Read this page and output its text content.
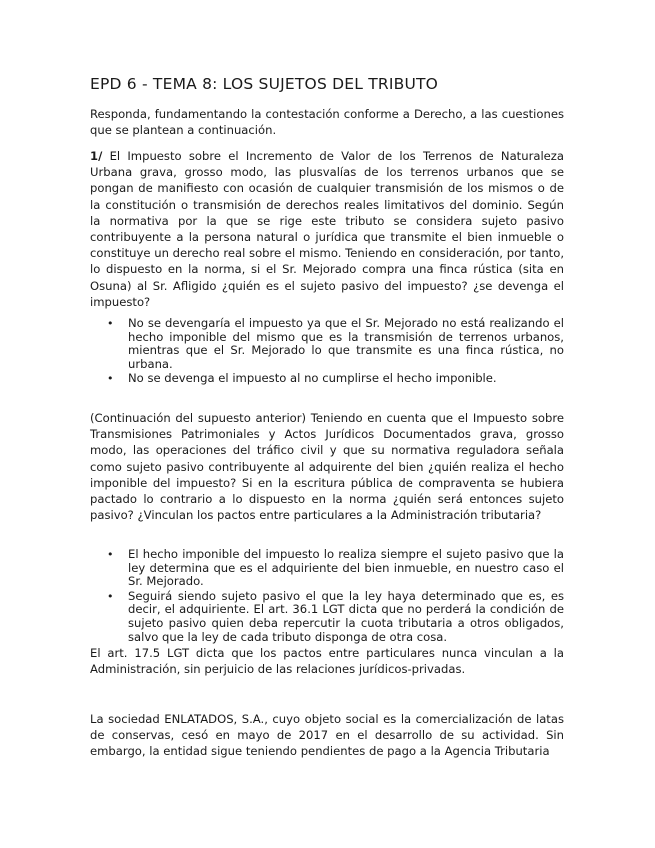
EPD 6 - TEMA 8: LOS SUJETOS DEL TRIBUTO

Responda, fundamentando la contestación conforme a Derecho, a las cuestiones que se plantean a continuación.

1/ El Impuesto sobre el Incremento de Valor de los Terrenos de Naturaleza Urbana grava, grosso modo, las plusvalías de los terrenos urbanos que se pongan de manifiesto con ocasión de cualquier transmisión de los mismos o de la constitución o transmisión de derechos reales limitativos del dominio. Según la normativa por la que se rige este tributo se considera sujeto pasivo contribuyente a la persona natural o jurídica que transmite el bien inmueble o constituye un derecho real sobre el mismo. Teniendo en consideración, por tanto, lo dispuesto en la norma, si el Sr. Mejorado compra una finca rústica (sita en Osuna) al Sr. Afligido ¿quién es el sujeto pasivo del impuesto? ¿se devenga el impuesto?

• No se devengaría el impuesto ya que el Sr. Mejorado no está realizando el hecho imponible del mismo que es la transmisión de terrenos urbanos, mientras que el Sr. Mejorado lo que transmite es una finca rústica, no urbana.
• No se devenga el impuesto al no cumplirse el hecho imponible.

(Continuación del supuesto anterior) Teniendo en cuenta que el Impuesto sobre Transmisiones Patrimoniales y Actos Jurídicos Documentados grava, grosso modo, las operaciones del tráfico civil y que su normativa reguladora señala como sujeto pasivo contribuyente al adquirente del bien ¿quién realiza el hecho imponible del impuesto? Si en la escritura pública de compraventa se hubiera pactado lo contrario a lo dispuesto en la norma ¿quién será entonces sujeto pasivo? ¿Vinculan los pactos entre particulares a la Administración tributaria?

• El hecho imponible del impuesto lo realiza siempre el sujeto pasivo que la ley determina que es el adquiriente del bien inmueble, en nuestro caso el Sr. Mejorado.
• Seguirá siendo sujeto pasivo el que la ley haya determinado que es, es decir, el adquiriente. El art. 36.1 LGT dicta que no perderá la condición de sujeto pasivo quien deba repercutir la cuota tributaria a otros obligados, salvo que la ley de cada tributo disponga de otra cosa.

El art. 17.5 LGT dicta que los pactos entre particulares nunca vinculan a la Administración, sin perjuicio de las relaciones jurídicos-privadas.

La sociedad ENLATADOS, S.A., cuyo objeto social es la comercialización de latas de conservas, cesó en mayo de 2017 en el desarrollo de su actividad. Sin embargo, la entidad sigue teniendo pendientes de pago a la Agencia Tributaria
